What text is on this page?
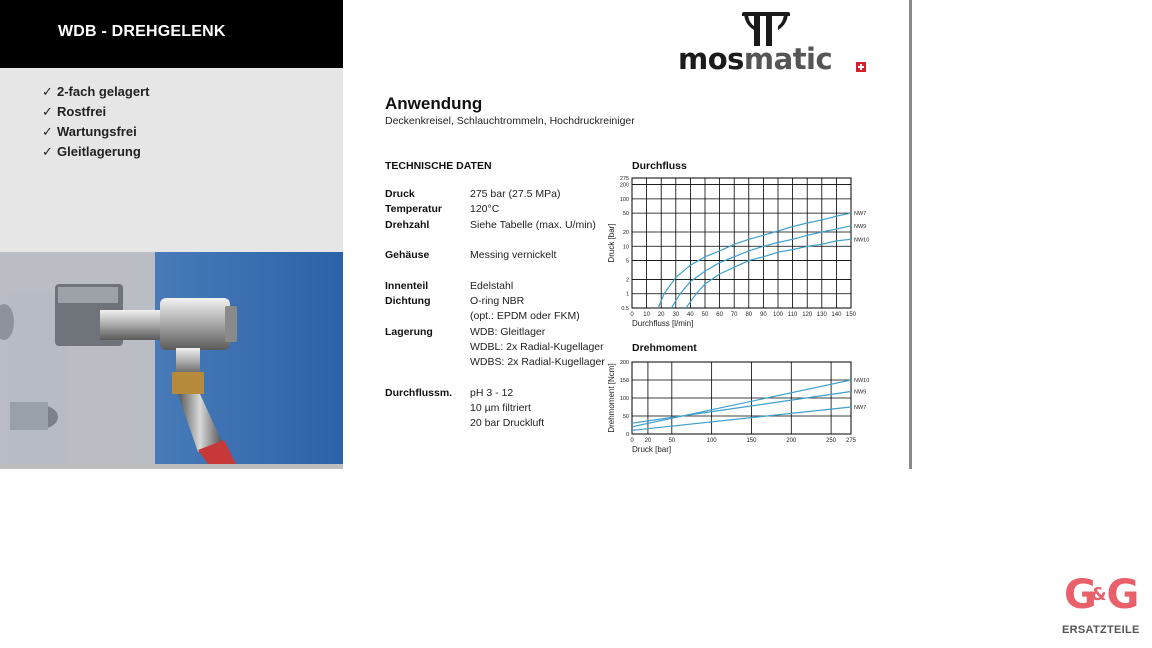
WDB - DREHGELENK
✓ 2-fach gelagert
✓ Rostfrei
✓ Wartungsfrei
✓ Gleitlagerung
mosmatic
Anwendung
Deckenkreisel, Schlauchtrommeln, Hochdruckreiniger
TECHNISCHE DATEN
Druck	275 bar (27.5 MPa)
Temperatur	120°C
Drehzahl	Siehe Tabelle (max. U/min)
Gehäuse	Messing vernickelt
Innenteil	Edelstahl
Dichtung	O-ring NBR
(opt.: EPDM oder FKM)
Lagerung	WDB: Gleitlager
WDBL: 2x Radial-Kugellager
WDBS: 2x Radial-Kugellager
Durchflussm. pH 3 - 12
10 µm filtriert
20 bar Druckluft
Durchfluss
0 10 20 30 40 50 60 70 80 90 100 110 120 130 140 150
275
200
100
50
20
10
5
2
1
0.5
NW7
NW9
NW10
Druck [bar]
Durchfluss [l/min]
Drehmoment
0 20	50	100	150	200	250 275
200
150
100
50
0
NW10
NW9
NW7
Drehmoment [Ncm]
Druck [bar]
G&G
ERSATZTEILE
